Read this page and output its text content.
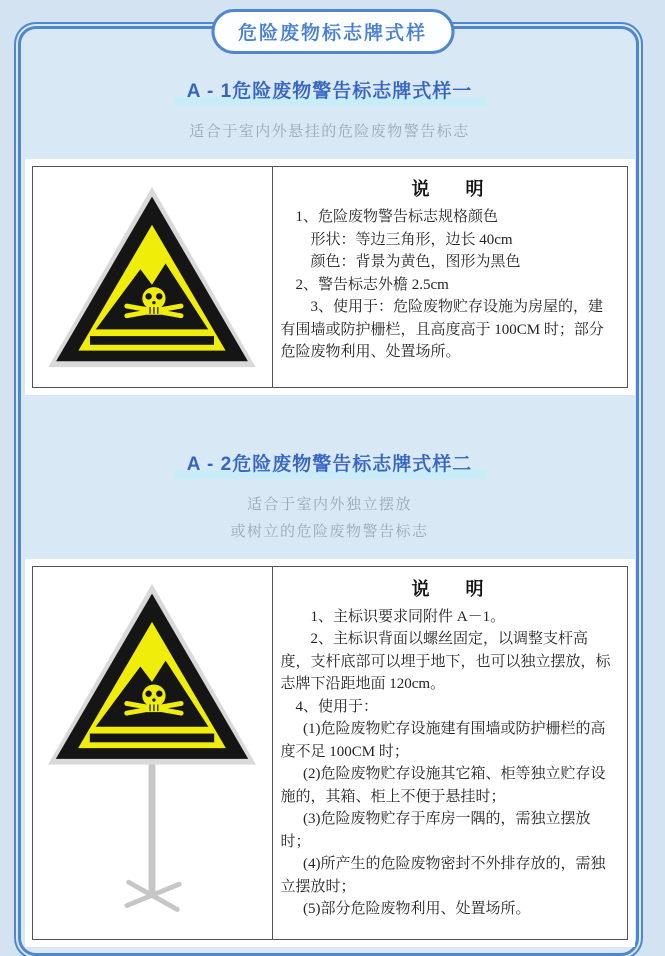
危险废物标志牌式样
A - 1危险废物警告标志牌式样一
适合于室内外悬挂的危险废物警告标志
说　　明

1、危险废物警告标志规格颜色

形状：等边三角形，边长 40cm

颜色：背景为黄色，图形为黑色

2、警告标志外檐 2.5cm

3、使用于：危险废物贮存设施为房屋的，建有围墙或防护栅栏，且高度高于 100CM 时；部分危险废物利用、处置场所。

A - 2危险废物警告标志牌式样二
适合于室内外独立摆放
或树立的危险废物警告标志
说　　明

1、主标识要求同附件 A－1。

2、主标识背面以螺丝固定，以调整支杆高度，支杆底部可以埋于地下，也可以独立摆放，标志牌下沿距地面 120cm。

4、使用于：

(1)危险废物贮存设施建有围墙或防护栅栏的高度不足 100CM 时；

(2)危险废物贮存设施其它箱、柜等独立贮存设施的，其箱、柜上不便于悬挂时；

(3)危险废物贮存于库房一隅的，需独立摆放时；

(4)所产生的危险废物密封不外排存放的，需独立摆放时；

(5)部分危险废物利用、处置场所。
